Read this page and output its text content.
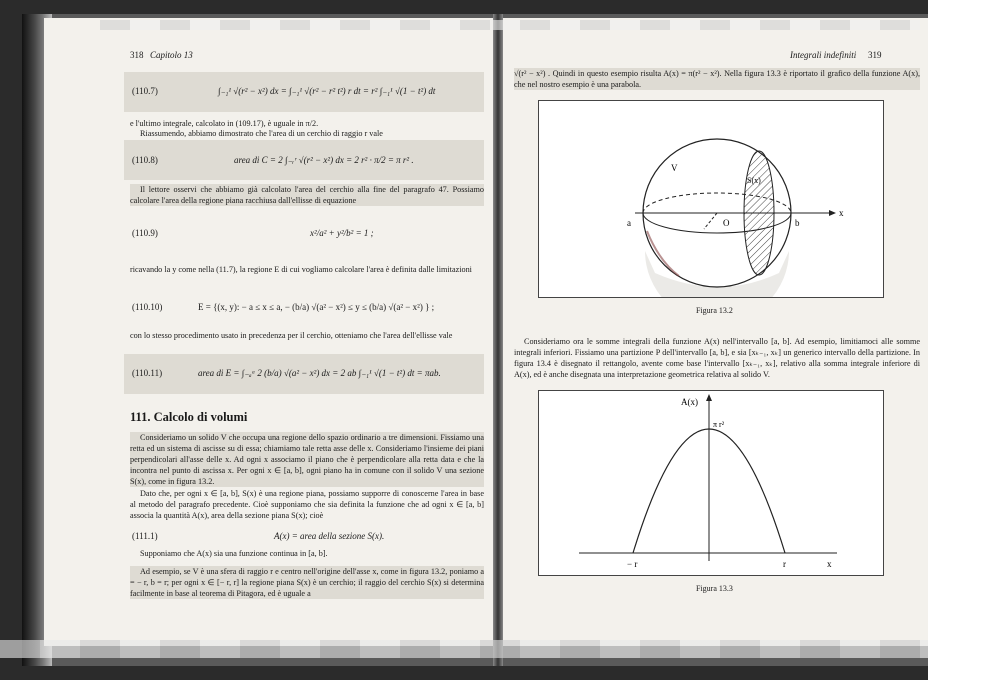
318 Capitolo 13
(110.7)	∫₋₁¹ √(r² − x²) dx = ∫₋₁¹ √(r² − r² t²) r dt = r² ∫₋₁¹ √(1 − t²) dt
e l'ultimo integrale, calcolato in (109.17), è uguale in π/2.
Riassumendo, abbiamo dimostrato che l'area di un cerchio di raggio r vale
(110.8)	area di C = 2 ∫₋ᵣʳ √(r² − x²) dx = 2 r² · π/2 = π r² .
Il lettore osservi che abbiamo già calcolato l'area del cerchio alla fine del paragrafo 47. Possiamo calcolare l'area della regione piana racchiusa dall'ellisse di equazione
(110.9)	x²/a² + y²/b² = 1 ;
ricavando la y come nella (11.7), la regione E di cui vogliamo calcolare l'area è definita dalle limitazioni
(110.10)	E = {(x, y): − a ≤ x ≤ a, − (b/a) √(a² − x²) ≤ y ≤ (b/a) √(a² − x²) } ;
con lo stesso procedimento usato in precedenza per il cerchio, otteniamo che l'area dell'ellisse vale
(110.11)	area di E = ∫₋ₐᵃ 2 (b/a) √(a² − x²) dx = 2 ab ∫₋₁¹ √(1 − t²) dt = πab.
111. Calcolo di volumi
Consideriamo un solido V che occupa una regione dello spazio ordinario a tre dimensioni. Fissiamo una retta ed un sistema di ascisse su di essa; chiamiamo tale retta asse delle x. Consideriamo l'insieme dei piani perpendicolari all'asse delle x. Ad ogni x associamo il piano che è perpendicolare alla retta data e che la incontra nel punto di ascissa x. Per ogni x ∈ [a, b], ogni piano ha in comune con il solido V una sezione S(x), come in figura 13.2.
Dato che, per ogni x ∈ [a, b], S(x) è una regione piana, possiamo supporre di conoscerne l'area in base al metodo del paragrafo precedente. Cioè supponiamo che sia definita la funzione che ad ogni x ∈ [a, b] associa la quantità A(x), area della sezione piana S(x); cioè
(111.1)	A(x) = area della sezione S(x).
Supponiamo che A(x) sia una funzione continua in [a, b].
Ad esempio, se V è una sfera di raggio r e centro nell'origine dell'asse x, come in figura 13.2, poniamo a = − r, b = r; per ogni x ∈ [− r, r] la regione piana S(x) è un cerchio; il raggio del cerchio S(x) si determina facilmente in base al teorema di Pitagora, ed è uguale a
Integrali indefiniti 319
√(r² − x²) . Quindi in questo esempio risulta A(x) = π(r² − x²). Nella figura 13.3 è riportato il grafico della funzione A(x), che nel nostro esempio è una parabola.
V
S(x)
a	O	b
x
Figura 13.2
Consideriamo ora le somme integrali della funzione A(x) nell'intervallo [a, b]. Ad esempio, limitiamoci alle somme integrali inferiori. Fissiamo una partizione P dell'intervallo [a, b], e sia [xₖ₋₁, xₖ] un generico intervallo della partizione. In figura 13.4 è disegnato il rettangolo, avente come base l'intervallo [xₖ₋₁, xₖ], relativo alla somma integrale inferiore di A(x), ed è anche disegnata una interpretazione geometrica relativa al solido V.
A(x)
π r²
− r	r	x
Figura 13.3
